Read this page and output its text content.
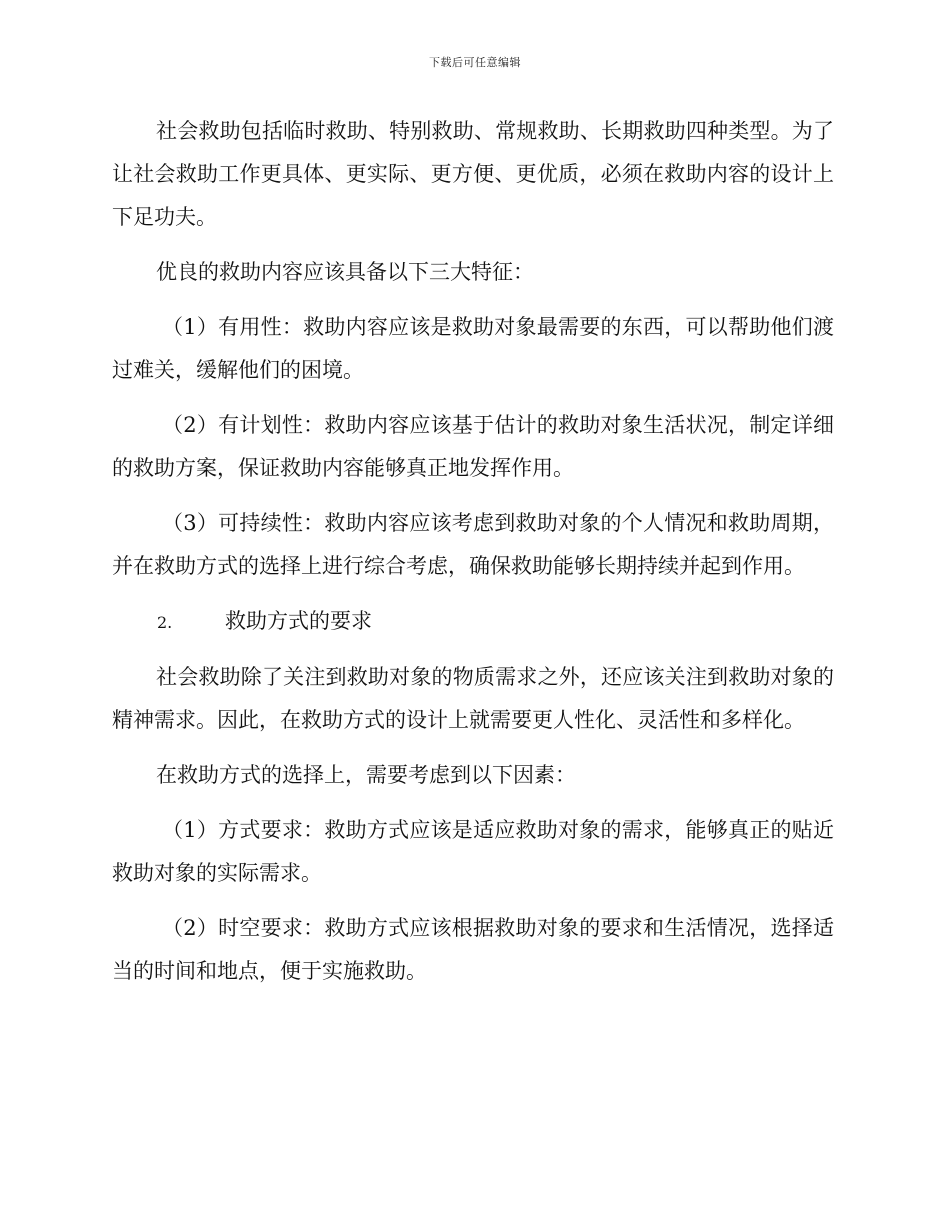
下载后可任意编辑

社会救助包括临时救助、特别救助、常规救助、长期救助四种类型。为了让社会救助工作更具体、更实际、更方便、更优质，必须在救助内容的设计上下足功夫。

优良的救助内容应该具备以下三大特征：

（1）有用性：救助内容应该是救助对象最需要的东西，可以帮助他们渡过难关，缓解他们的困境。

（2）有计划性：救助内容应该基于估计的救助对象生活状况，制定详细的救助方案，保证救助内容能够真正地发挥作用。

（3）可持续性：救助内容应该考虑到救助对象的个人情况和救助周期，并在救助方式的选择上进行综合考虑，确保救助能够长期持续并起到作用。

2.	救助方式的要求

社会救助除了关注到救助对象的物质需求之外，还应该关注到救助对象的精神需求。因此，在救助方式的设计上就需要更人性化、灵活性和多样化。

在救助方式的选择上，需要考虑到以下因素：

（1）方式要求：救助方式应该是适应救助对象的需求，能够真正的贴近救助对象的实际需求。

（2）时空要求：救助方式应该根据救助对象的要求和生活情况，选择适当的时间和地点，便于实施救助。
